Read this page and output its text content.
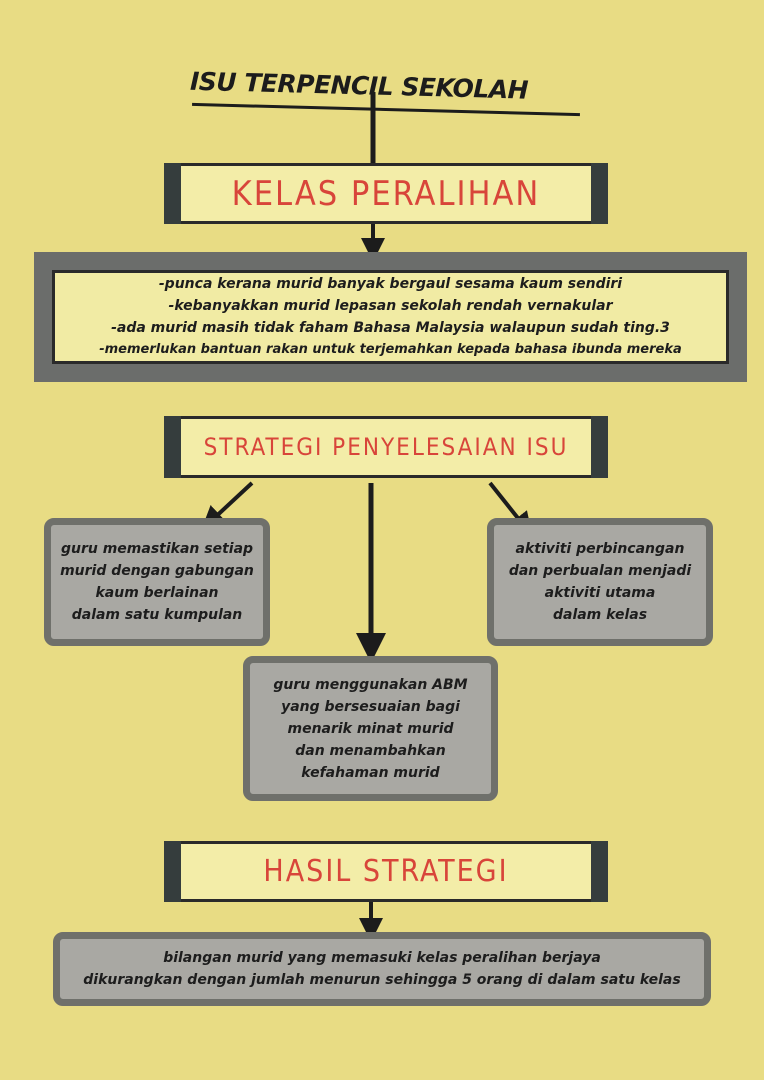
ISU TERPENCIL SEKOLAH
KELAS PERALIHAN
-punca kerana murid banyak bergaul sesama kaum sendiri
-kebanyakkan murid lepasan sekolah rendah vernakular
-ada murid masih tidak faham Bahasa Malaysia walaupun sudah ting.3
-memerlukan bantuan rakan untuk terjemahkan kepada bahasa ibunda mereka
STRATEGI PENYELESAIAN ISU
guru memastikan setiap
murid dengan gabungan
kaum berlainan
dalam satu kumpulan
aktiviti perbincangan
dan perbualan menjadi
aktiviti utama
dalam kelas
guru menggunakan ABM
yang bersesuaian bagi
menarik minat murid
dan menambahkan
kefahaman murid
HASIL STRATEGI
bilangan murid yang memasuki kelas peralihan berjaya
dikurangkan dengan jumlah menurun sehingga 5 orang di dalam satu kelas
